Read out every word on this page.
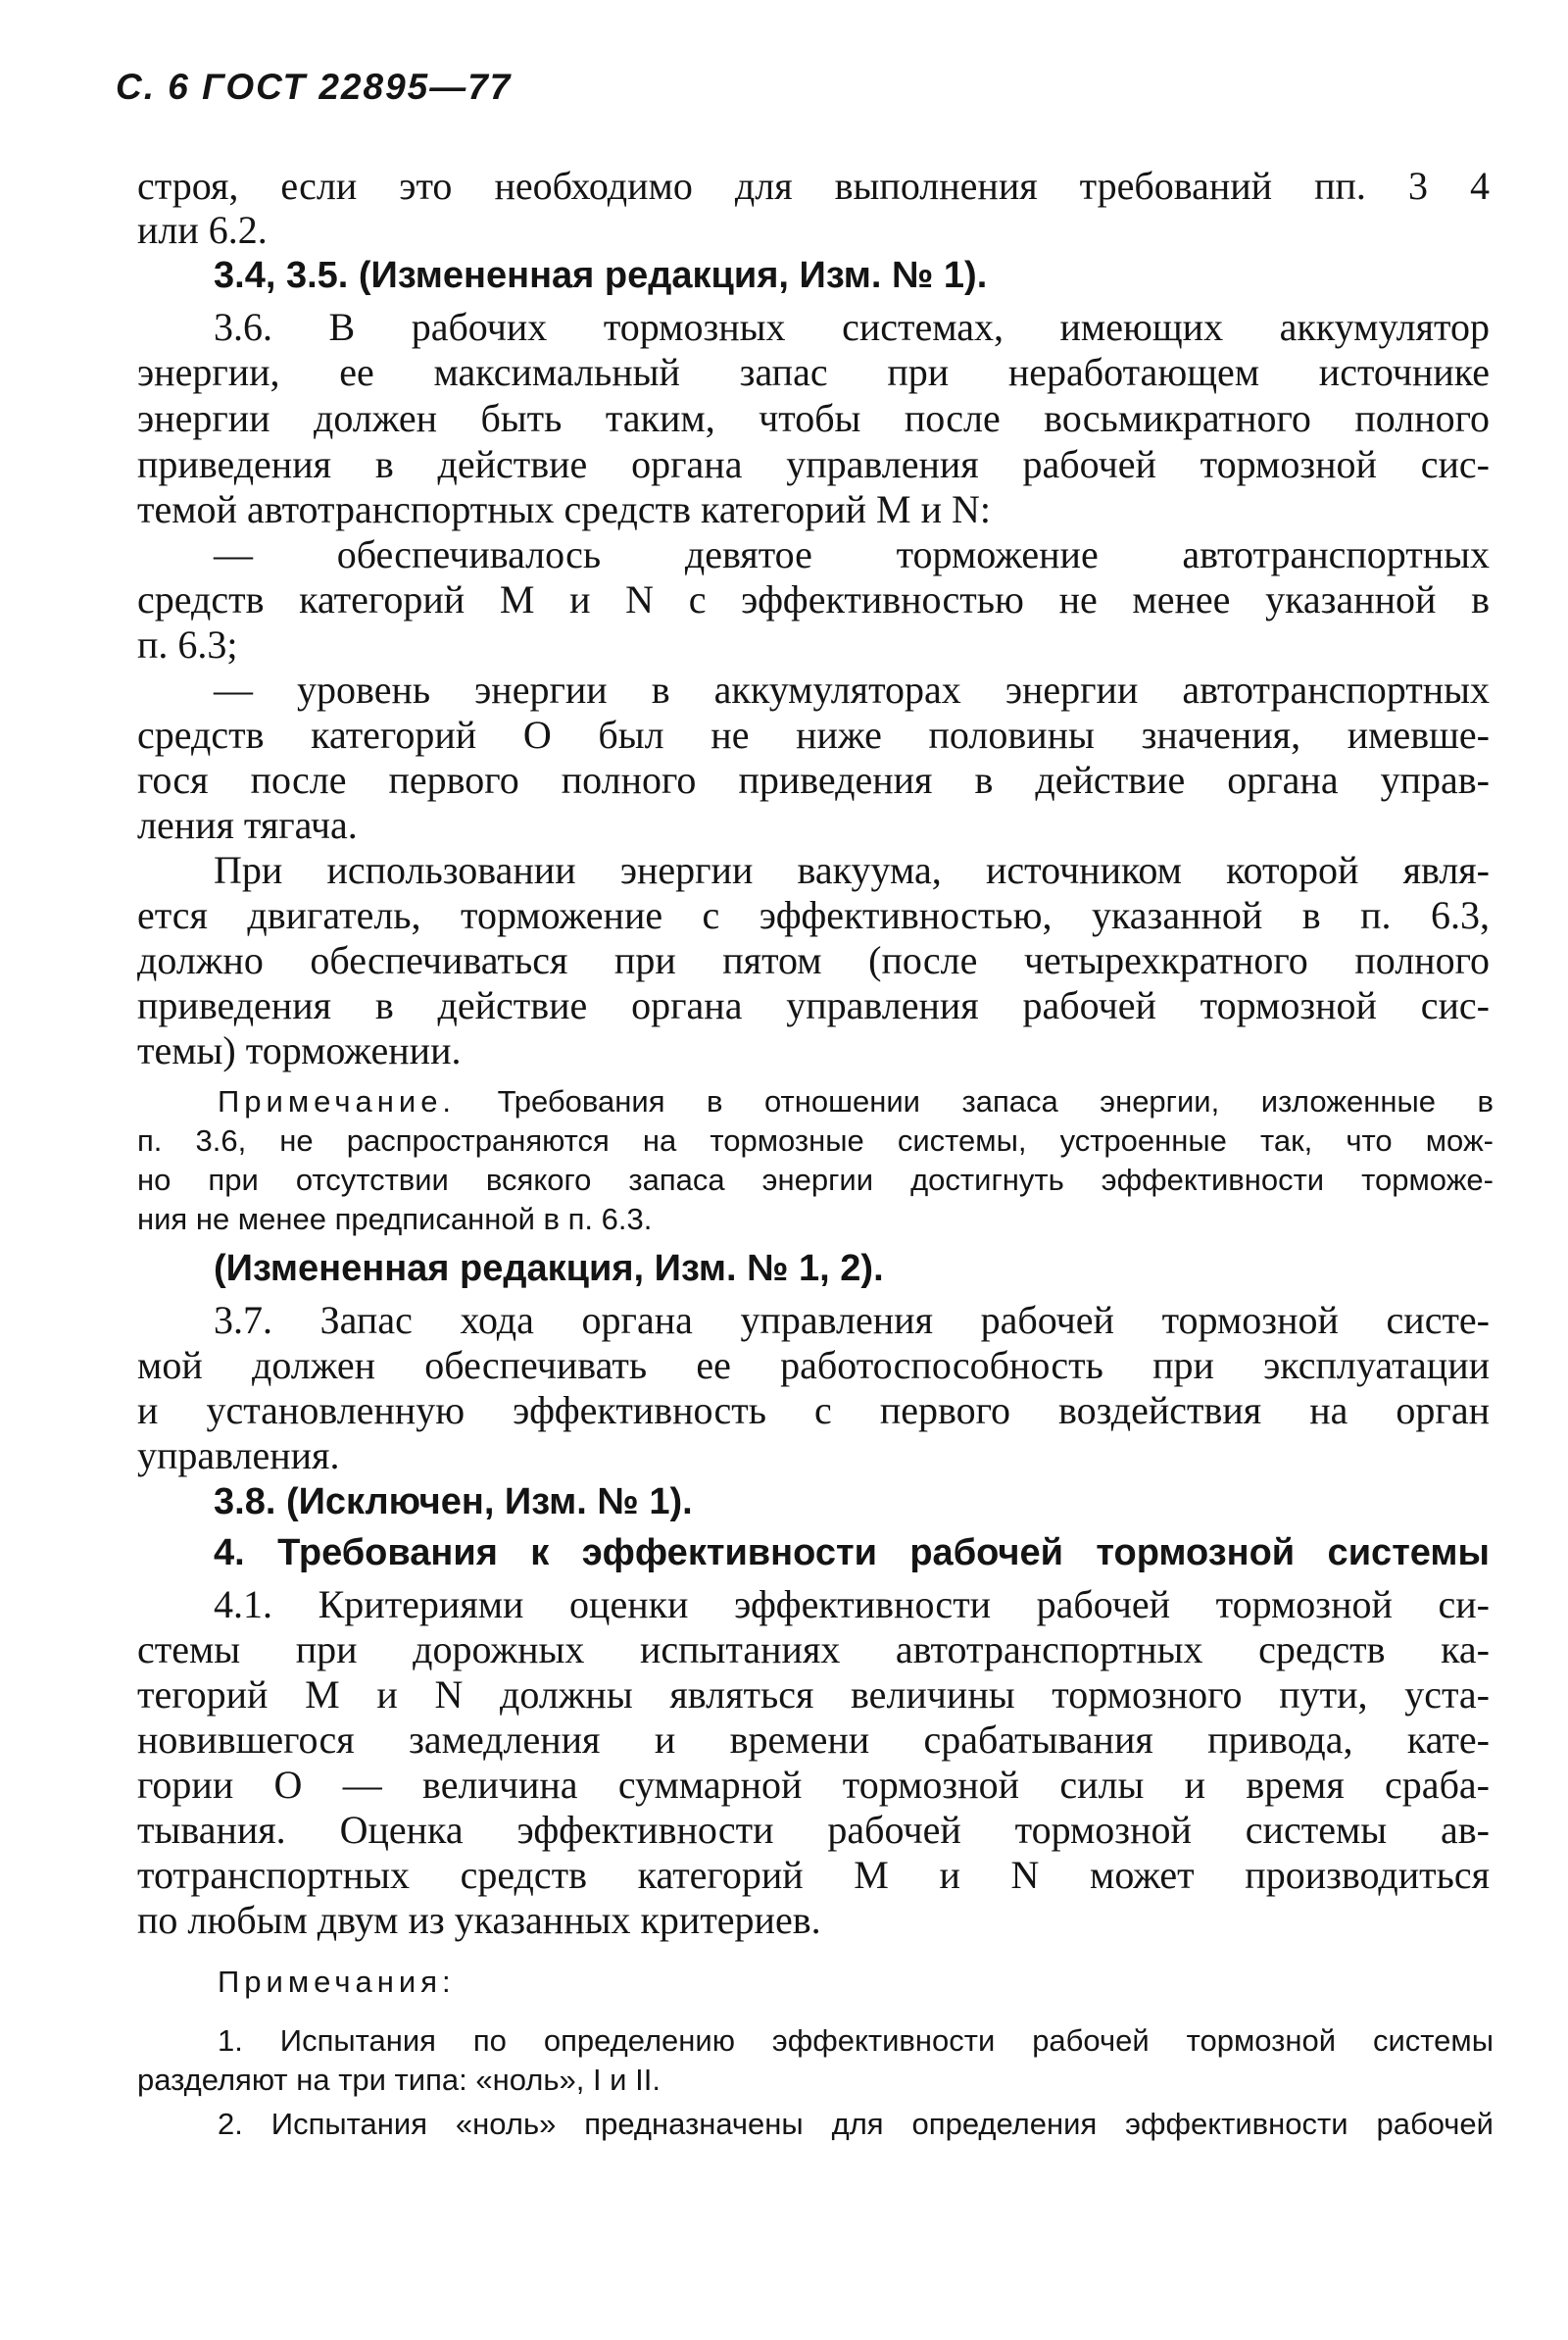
С. 6 ГОСТ 22895—77
строя, если это необходимо для выполнения требований пп. 3 4
или 6.2.
3.4, 3.5. (Измененная редакция, Изм. № 1).
3.6. В рабочих тормозных системах, имеющих аккумулятор
энергии, ее максимальный запас при неработающем источнике
энергии должен быть таким, чтобы после восьмикратного полного
приведения в действие органа управления рабочей тормозной сис-
темой автотранспортных средств категорий M и N:
— обеспечивалось девятое торможение автотранспортных
средств категорий M и N с эффективностью не менее указанной в
п. 6.3;
— уровень энергии в аккумуляторах энергии автотранспортных
средств категорий O был не ниже половины значения, имевше-
гося после первого полного приведения в действие органа управ-
ления тягача.
При использовании энергии вакуума, источником которой явля-
ется двигатель, торможение с эффективностью, указанной в п. 6.3,
должно обеспечиваться при пятом (после четырехкратного полного
приведения в действие органа управления рабочей тормозной сис-
темы) торможении.
Примечание. Требования в отношении запаса энергии, изложенные в
п. 3.6, не распространяются на тормозные системы, устроенные так, что мож-
но при отсутствии всякого запаса энергии достигнуть эффективности торможе-
ния не менее предписанной в п. 6.3.
(Измененная редакция, Изм. № 1, 2).
3.7. Запас хода органа управления рабочей тормозной систе-
мой должен обеспечивать ее работоспособность при эксплуатации
и установленную эффективность с первого воздействия на орган
управления.
3.8. (Исключен, Изм. № 1).
4. Требования к эффективности рабочей тормозной системы
4.1. Критериями оценки эффективности рабочей тормозной си-
стемы при дорожных испытаниях автотранспортных средств ка-
тегорий M и N должны являться величины тормозного пути, уста-
новившегося замедления и времени срабатывания привода, кате-
гории O — величина суммарной тормозной силы и время сраба-
тывания. Оценка эффективности рабочей тормозной системы ав-
тотранспортных средств категорий M и N может производиться
по любым двум из указанных критериев.
Примечания:
1. Испытания по определению эффективности рабочей тормозной системы
разделяют на три типа: «ноль», I и II.
2. Испытания «ноль» предназначены для определения эффективности рабочей
